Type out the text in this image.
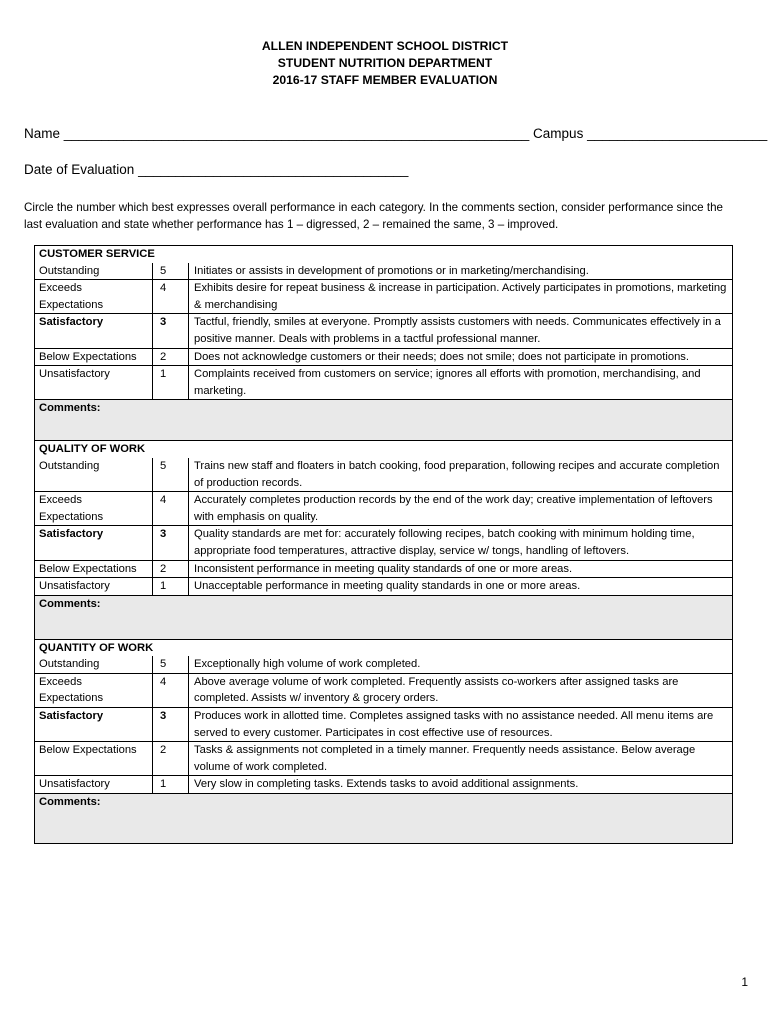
ALLEN INDEPENDENT SCHOOL DISTRICT
STUDENT NUTRITION DEPARTMENT
2016-17 STAFF MEMBER EVALUATION
Name ______________________________________________________________ Campus ________________________
Date of Evaluation ____________________________________
Circle the number which best expresses overall performance in each category. In the comments section, consider performance since the last evaluation and state whether performance has 1 – digressed, 2 – remained the same, 3 – improved.
CUSTOMER SERVICE		
Outstanding	5	Initiates or assists in development of promotions or in marketing/merchandising.
Exceeds Expectations	4	Exhibits desire for repeat business & increase in participation. Actively participates in promotions, marketing & merchandising
Satisfactory	3	Tactful, friendly, smiles at everyone. Promptly assists customers with needs. Communicates effectively in a positive manner. Deals with problems in a tactful professional manner.
Below Expectations	2	Does not acknowledge customers or their needs; does not smile; does not participate in promotions.
Unsatisfactory	1	Complaints received from customers on service; ignores all efforts with promotion, merchandising, and marketing.
Comments:		
QUALITY OF WORK		
Outstanding	5	Trains new staff and floaters in batch cooking, food preparation, following recipes and accurate completion of production records.
Exceeds Expectations	4	Accurately completes production records by the end of the work day; creative implementation of leftovers with emphasis on quality.
Satisfactory	3	Quality standards are met for: accurately following recipes, batch cooking with minimum holding time, appropriate food temperatures, attractive display, service w/ tongs, handling of leftovers.
Below Expectations	2	Inconsistent performance in meeting quality standards of one or more areas.
Unsatisfactory	1	Unacceptable performance in meeting quality standards in one or more areas.
Comments:		
QUANTITY OF WORK		
Outstanding	5	Exceptionally high volume of work completed.
Exceeds Expectations	4	Above average volume of work completed. Frequently assists co-workers after assigned tasks are completed. Assists w/ inventory & grocery orders.
Satisfactory	3	Produces work in allotted time. Completes assigned tasks with no assistance needed. All menu items are served to every customer. Participates in cost effective use of resources.
Below Expectations	2	Tasks & assignments not completed in a timely manner. Frequently needs assistance. Below average volume of work completed.
Unsatisfactory	1	Very slow in completing tasks. Extends tasks to avoid additional assignments.
Comments:		
1
